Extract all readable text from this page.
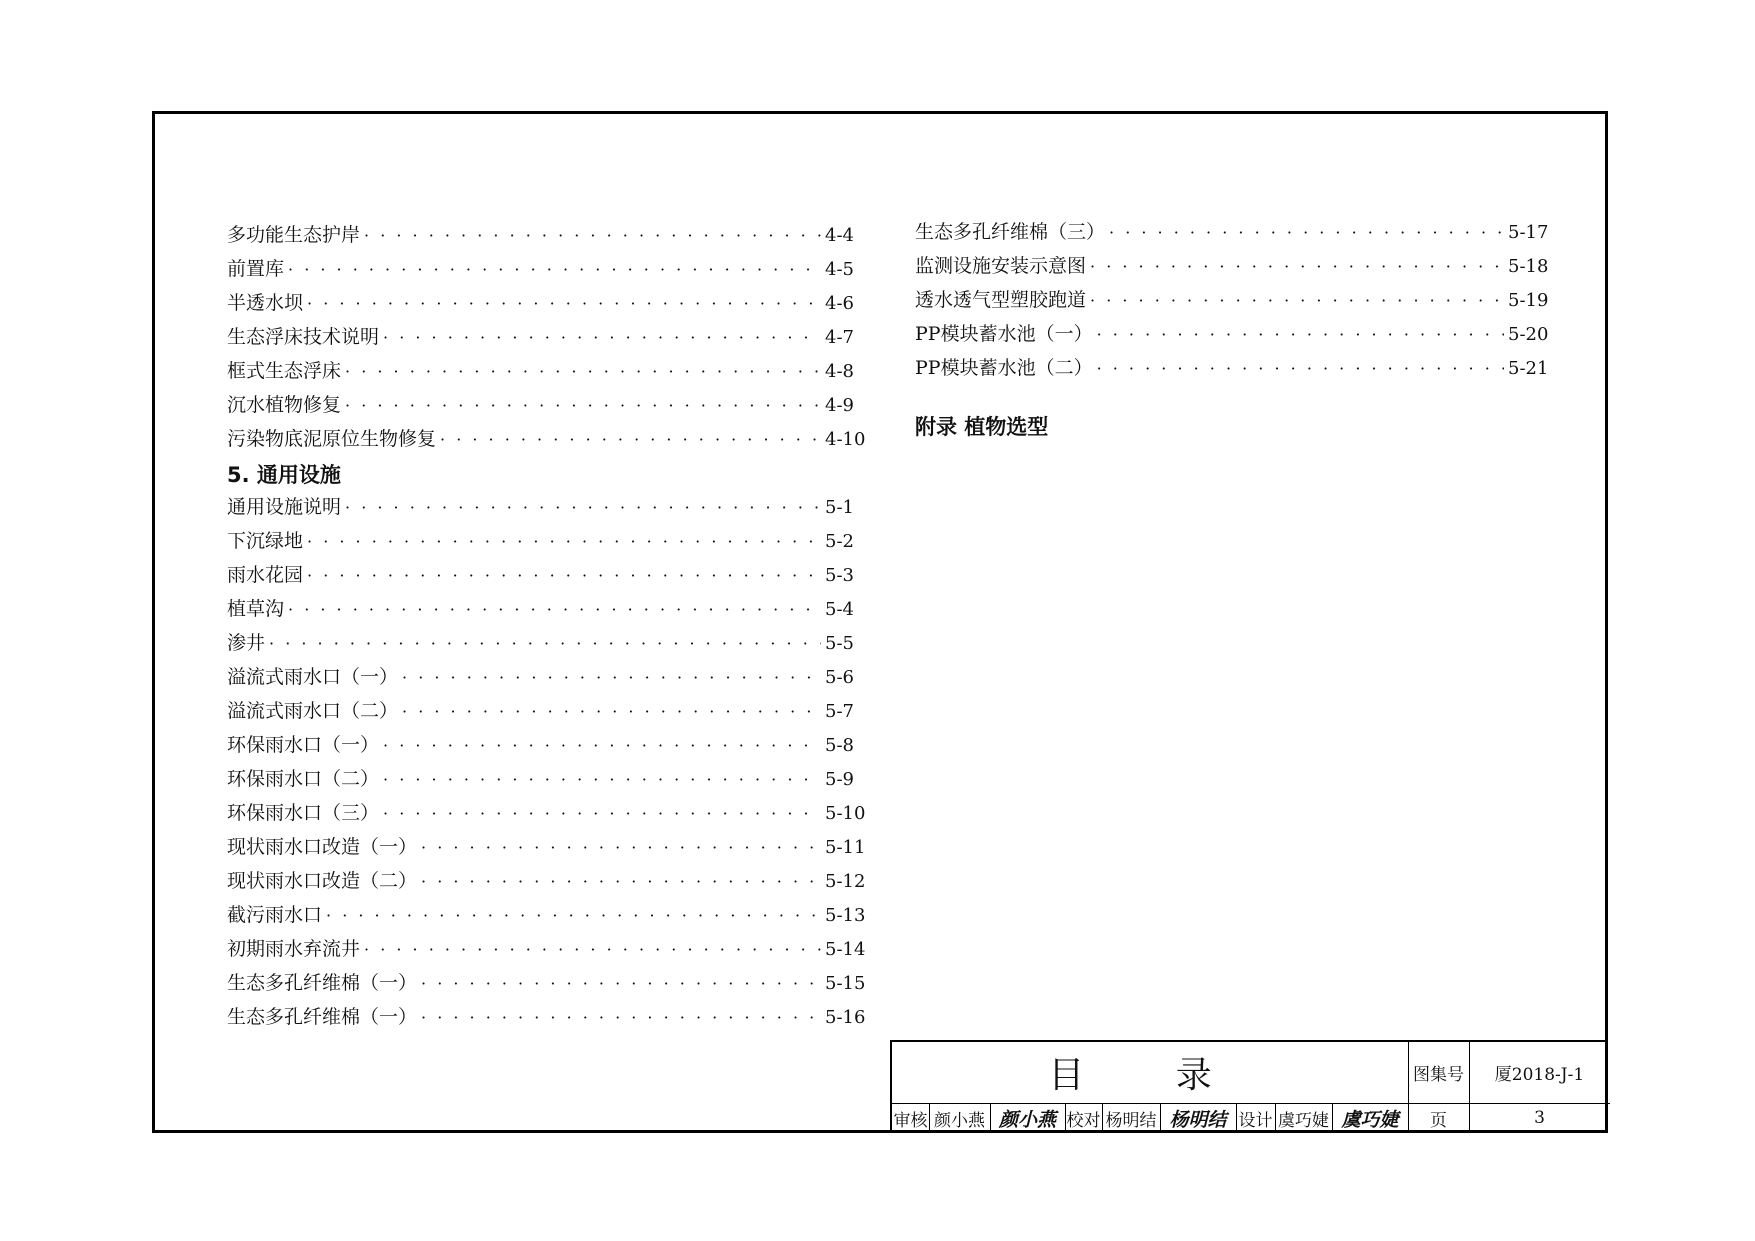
多功能生态护岸 · · ·	4-4
前置库 · · ·	4-5
半透水坝 · · ·	4-6
生态浮床技术说明 · · ·	4-7
框式生态浮床 · · ·	4-8
沉水植物修复 · · ·	4-9
污染物底泥原位生物修复 · · ·	4-10
5. 通用设施
通用设施说明 · · ·	5-1
下沉绿地 · · ·	5-2
雨水花园 · · ·	5-3
植草沟 · · ·	5-4
渗井 · · ·	5-5
溢流式雨水口（一） · · ·	5-6
溢流式雨水口（二） · · ·	5-7
环保雨水口（一） · · ·	5-8
环保雨水口（二） · · ·	5-9
环保雨水口（三） · · ·	5-10
现状雨水口改造（一） · · ·	5-11
现状雨水口改造（二） · · ·	5-12
截污雨水口 · · ·	5-13
初期雨水弃流井 · · ·	5-14
生态多孔纤维棉（一） · · ·	5-15
生态多孔纤维棉（一） · · ·	5-16
生态多孔纤维棉（三） · · ·	5-17
监测设施安装示意图 · · ·	5-18
透水透气型塑胶跑道 · · ·	5-19
PP模块蓄水池（一） · · ·	5-20
PP模块蓄水池（二） · · ·	5-21
附录 植物选型
目 录	图集号	厦2018-J-1
审核 颜小燕 颜小燕 校对 杨明结 杨明结 设计 虞巧婕 虞巧婕	页	3
